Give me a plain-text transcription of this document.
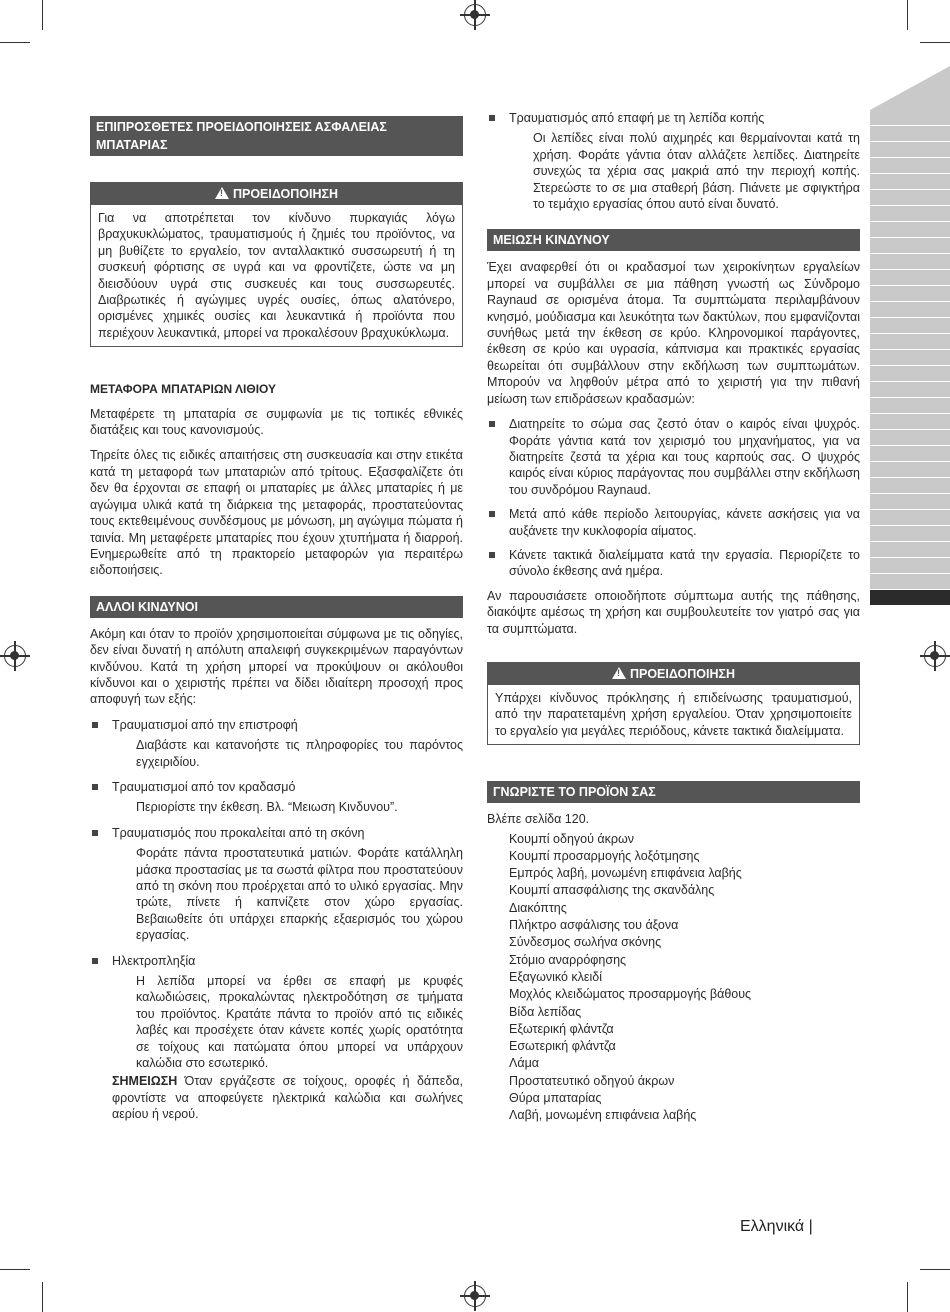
ΕΠΙΠΡΟΣΘΕΤΕΣ ΠΡΟΕΙΔΟΠΟΙΗΣΕΙΣ ΑΣΦΑΛΕΙΑΣ ΜΠΑΤΑΡΙΑΣ
!ΠΡΟΕΙΔΟΠΟΙΗΣΗ
Για να αποτρέπεται τον κίνδυνο πυρκαγιάς λόγω βραχυκυκλώματος, τραυματισμούς ή ζημιές του προϊόντος, να μη βυθίζετε το εργαλείο, τον ανταλλακτικό συσσωρευτή ή τη συσκευή φόρτισης σε υγρά και να φροντίζετε, ώστε να μη διεισδύουν υγρά στις συσκευές και τους συσσωρευτές. Διαβρωτικές ή αγώγιμες υγρές ουσίες, όπως αλατόνερο, ορισμένες χημικές ουσίες και λευκαντικά ή προϊόντα που περιέχουν λευκαντικά, μπορεί να προκαλέσουν βραχυκύκλωμα.
ΜΕΤΑΦΟΡΑ ΜΠΑΤΑΡΙΩΝ ΛΙΘΙΟΥ

Μεταφέρετε τη μπαταρία σε συμφωνία με τις τοπικές εθνικές διατάξεις και τους κανονισμούς.

Τηρείτε όλες τις ειδικές απαιτήσεις στη συσκευασία και στην ετικέτα κατά τη μεταφορά των μπαταριών από τρίτους. Εξασφαλίζετε ότι δεν θα έρχονται σε επαφή οι μπαταρίες με άλλες μπαταρίες ή με αγώγιμα υλικά κατά τη διάρκεια της μεταφοράς, προστατεύοντας τους εκτεθειμένους συνδέσμους με μόνωση, μη αγώγιμα πώματα ή ταινία. Μη μεταφέρετε μπαταρίες που έχουν χτυπήματα ή διαρροή. Ενημερωθείτε από τη πρακτορείο μεταφορών για περαιτέρω ειδοποιήσεις.

ΑΛΛΟΙ ΚΙΝΔΥΝΟΙ

Ακόμη και όταν το προϊόν χρησιμοποιείται σύμφωνα με τις οδηγίες, δεν είναι δυνατή η απόλυτη απαλειφή συγκεκριμένων παραγόντων κινδύνου. Κατά τη χρήση μπορεί να προκύψουν οι ακόλουθοι κίνδυνοι και ο χειριστής πρέπει να δίδει ιδιαίτερη προσοχή προς αποφυγή των εξής:

Τραυματισμοί από την επιστροφή
Διαβάστε και κατανοήστε τις πληροφορίες του παρόντος εγχειριδίου.
Τραυματισμοί από τον κραδασμό
Περιορίστε την έκθεση. Βλ. “Μειωση Κινδυνου”.
Τραυματισμός που προκαλείται από τη σκόνη
Φοράτε πάντα προστατευτικά ματιών. Φοράτε κατάλληλη μάσκα προστασίας με τα σωστά φίλτρα που προστατεύουν από τη σκόνη που προέρχεται από το υλικό εργασίας. Μην τρώτε, πίνετε ή καπνίζετε στον χώρο εργασίας. Βεβαιωθείτε ότι υπάρχει επαρκής εξαερισμός του χώρου εργασίας.
Ηλεκτροπληξία
Η λεπίδα μπορεί να έρθει σε επαφή με κρυφές καλωδιώσεις, προκαλώντας ηλεκτροδότηση σε τμήματα του προϊόντος. Κρατάτε πάντα το προϊόν από τις ειδικές λαβές και προσέχετε όταν κάνετε κοπές χωρίς ορατότητα σε τοίχους και πατώματα όπου μπορεί να υπάρχουν καλώδια στο εσωτερικό.
ΣΗΜΕΙΩΣΗ Όταν εργάζεστε σε τοίχους, οροφές ή δάπεδα, φροντίστε να αποφεύγετε ηλεκτρικά καλώδια και σωλήνες αερίου ή νερού.
Τραυματισμός από επαφή με τη λεπίδα κοπής
Οι λεπίδες είναι πολύ αιχμηρές και θερμαίνονται κατά τη χρήση. Φοράτε γάντια όταν αλλάζετε λεπίδες. Διατηρείτε συνεχώς τα χέρια σας μακριά από την περιοχή κοπής. Στερεώστε το σε μια σταθερή βάση. Πιάνετε με σφιγκτήρα το τεμάχιο εργασίας όπου αυτό είναι δυνατό.
ΜΕΙΩΣΗ ΚΙΝΔΥΝΟΥ

Έχει αναφερθεί ότι οι κραδασμοί των χειροκίνητων εργαλείων μπορεί να συμβάλλει σε μια πάθηση γνωστή ως Σύνδρομο Raynaud σε ορισμένα άτομα. Τα συμπτώματα περιλαμβάνουν κνησμό, μούδιασμα και λευκότητα των δακτύλων, που εμφανίζονται συνήθως μετά την έκθεση σε κρύο. Κληρονομικοί παράγοντες, έκθεση σε κρύο και υγρασία, κάπνισμα και πρακτικές εργασίας θεωρείται ότι συμβάλλουν στην εκδήλωση των συμπτωμάτων. Μπορούν να ληφθούν μέτρα από το χειριστή για την πιθανή μείωση των επιδράσεων κραδασμών:

Διατηρείτε το σώμα σας ζεστό όταν ο καιρός είναι ψυχρός. Φοράτε γάντια κατά τον χειρισμό του μηχανήματος, για να διατηρείτε ζεστά τα χέρια και τους καρπούς σας. Ο ψυχρός καιρός είναι κύριος παράγοντας που συμβάλλει στην εκδήλωση του συνδρόμου Raynaud.
Μετά από κάθε περίοδο λειτουργίας, κάνετε ασκήσεις για να αυξάνετε την κυκλοφορία αίματος.
Κάνετε τακτικά διαλείμματα κατά την εργασία. Περιορίζετε το σύνολο έκθεσης ανά ημέρα.

Αν παρουσιάσετε οποιοδήποτε σύμπτωμα αυτής της πάθησης, διακόψτε αμέσως τη χρήση και συμβουλευτείτε τον γιατρό σας για τα συμπτώματα.

!ΠΡΟΕΙΔΟΠΟΙΗΣΗ
Υπάρχει κίνδυνος πρόκλησης ή επιδείνωσης τραυματισμού, από την παρατεταμένη χρήση εργαλείου. Όταν χρησιμοποιείτε το εργαλείο για μεγάλες περιόδους, κάνετε τακτικά διαλείμματα.
ΓΝΩΡΙΣΤΕ ΤΟ ΠΡΟΪΟΝ ΣΑΣ
Βλέπε σελίδα 120.
Κουμπί οδηγού άκρων
Κουμπί προσαρμογής λοξότμησης
Εμπρός λαβή, μονωμένη επιφάνεια λαβής
Κουμπί απασφάλισης της σκανδάλης
Διακόπτης
Πλήκτρο ασφάλισης του άξονα
Σύνδεσμος σωλήνα σκόνης
Στόμιο αναρρόφησης
Εξαγωνικό κλειδί
Μοχλός κλειδώματος προσαρμογής βάθους
Βίδα λεπίδας
Εξωτερική φλάντζα
Εσωτερική φλάντζα
Λάμα
Προστατευτικό οδηγού άκρων
Θύρα μπαταρίας
Λαβή, μονωμένη επιφάνεια λαβής
Ελληνικά |
